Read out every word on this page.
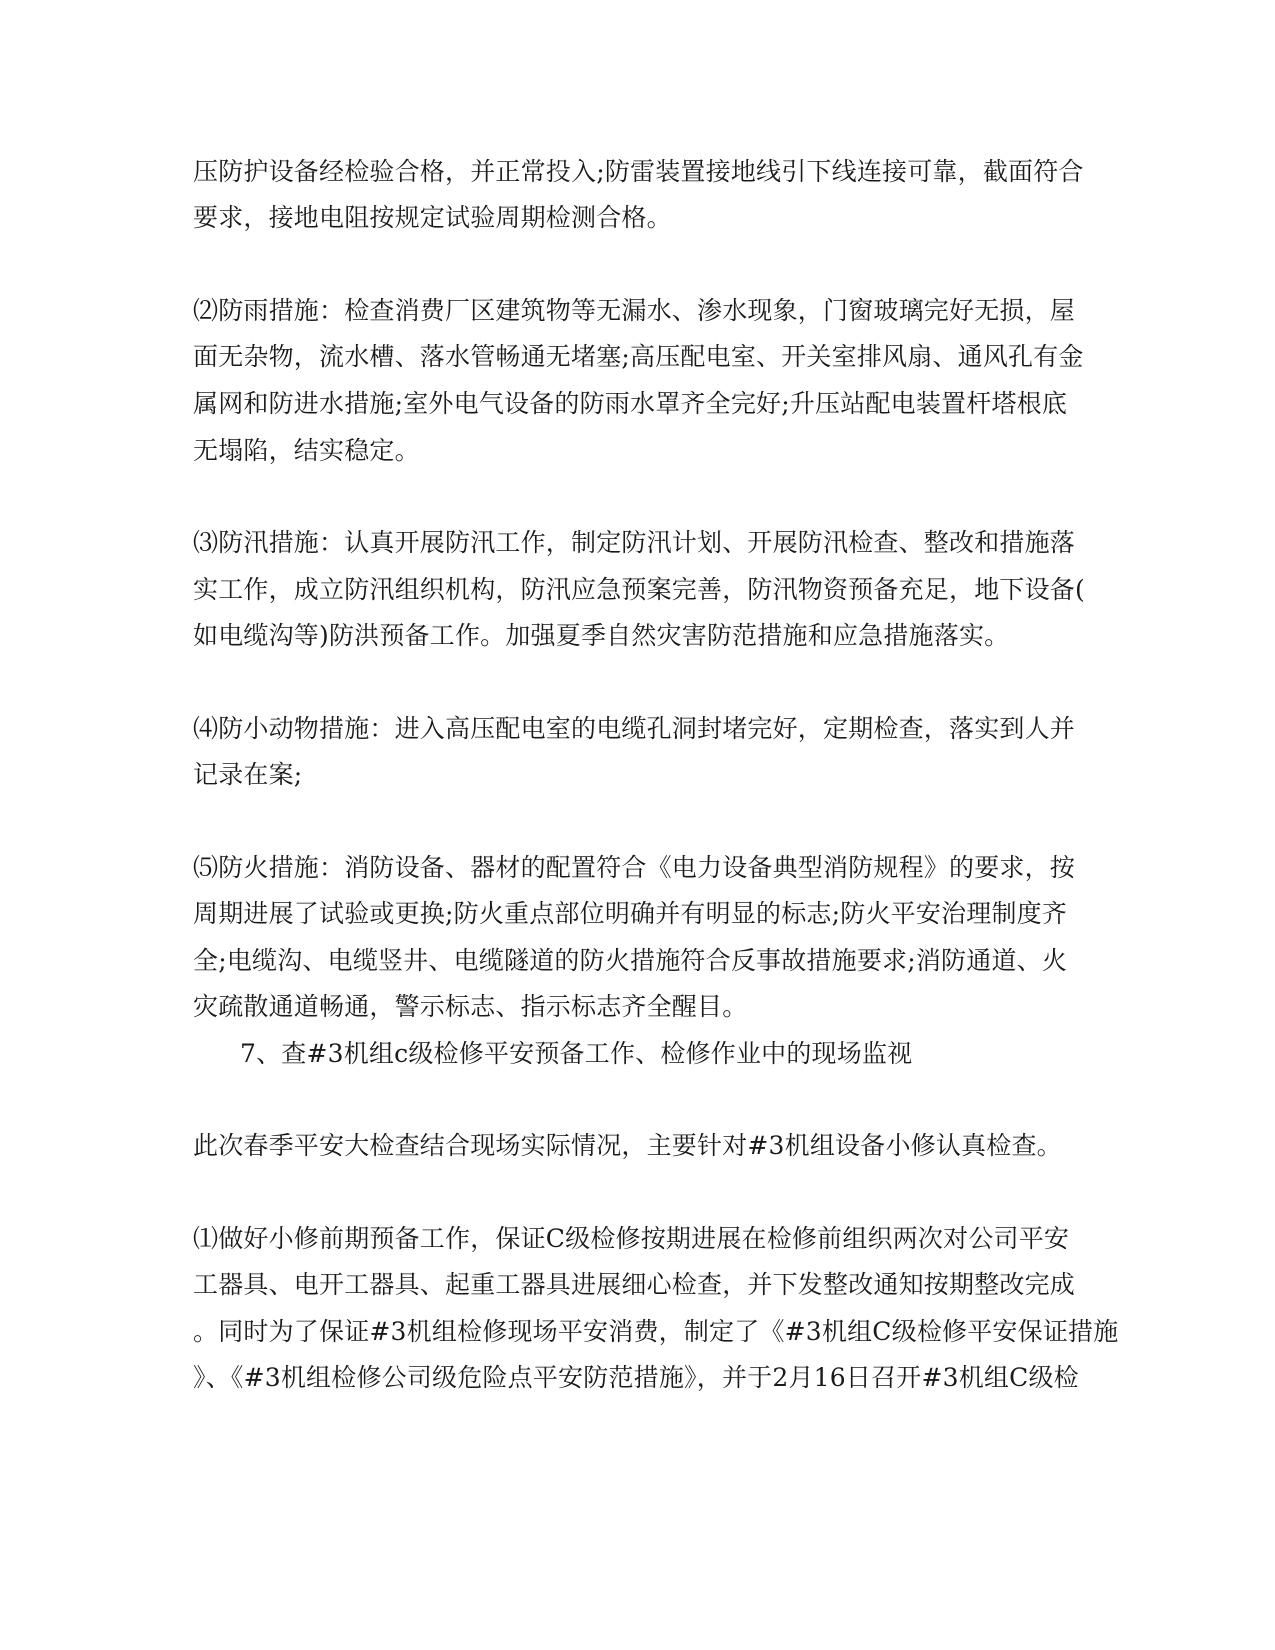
压防护设备经检验合格，并正常投入;防雷装置接地线引下线连接可靠，截面符合
要求，接地电阻按规定试验周期检测合格。
⑵防雨措施：检查消费厂区建筑物等无漏水、渗水现象，门窗玻璃完好无损，屋
面无杂物，流水槽、落水管畅通无堵塞;高压配电室、开关室排风扇、通风孔有金
属网和防进水措施;室外电气设备的防雨水罩齐全完好;升压站配电装置杆塔根底
无塌陷，结实稳定。
⑶防汛措施：认真开展防汛工作，制定防汛计划、开展防汛检查、整改和措施落
实工作，成立防汛组织机构，防汛应急预案完善，防汛物资预备充足，地下设备(
如电缆沟等)防洪预备工作。加强夏季自然灾害防范措施和应急措施落实。
⑷防小动物措施：进入高压配电室的电缆孔洞封堵完好，定期检查，落实到人并
记录在案;
⑸防火措施：消防设备、器材的配置符合《电力设备典型消防规程》的要求，按
周期进展了试验或更换;防火重点部位明确并有明显的标志;防火平安治理制度齐
全;电缆沟、电缆竖井、电缆隧道的防火措施符合反事故措施要求;消防通道、火
灾疏散通道畅通，警示标志、指示标志齐全醒目。
7、查#3机组c级检修平安预备工作、检修作业中的现场监视
此次春季平安大检查结合现场实际情况，主要针对#3机组设备小修认真检查。
⑴做好小修前期预备工作，保证C级检修按期进展在检修前组织两次对公司平安
工器具、电开工器具、起重工器具进展细心检查，并下发整改通知按期整改完成
。同时为了保证#3机组检修现场平安消费，制定了《#3机组C级检修平安保证措施
》、《#3机组检修公司级危险点平安防范措施》，并于2月16日召开#3机组C级检
